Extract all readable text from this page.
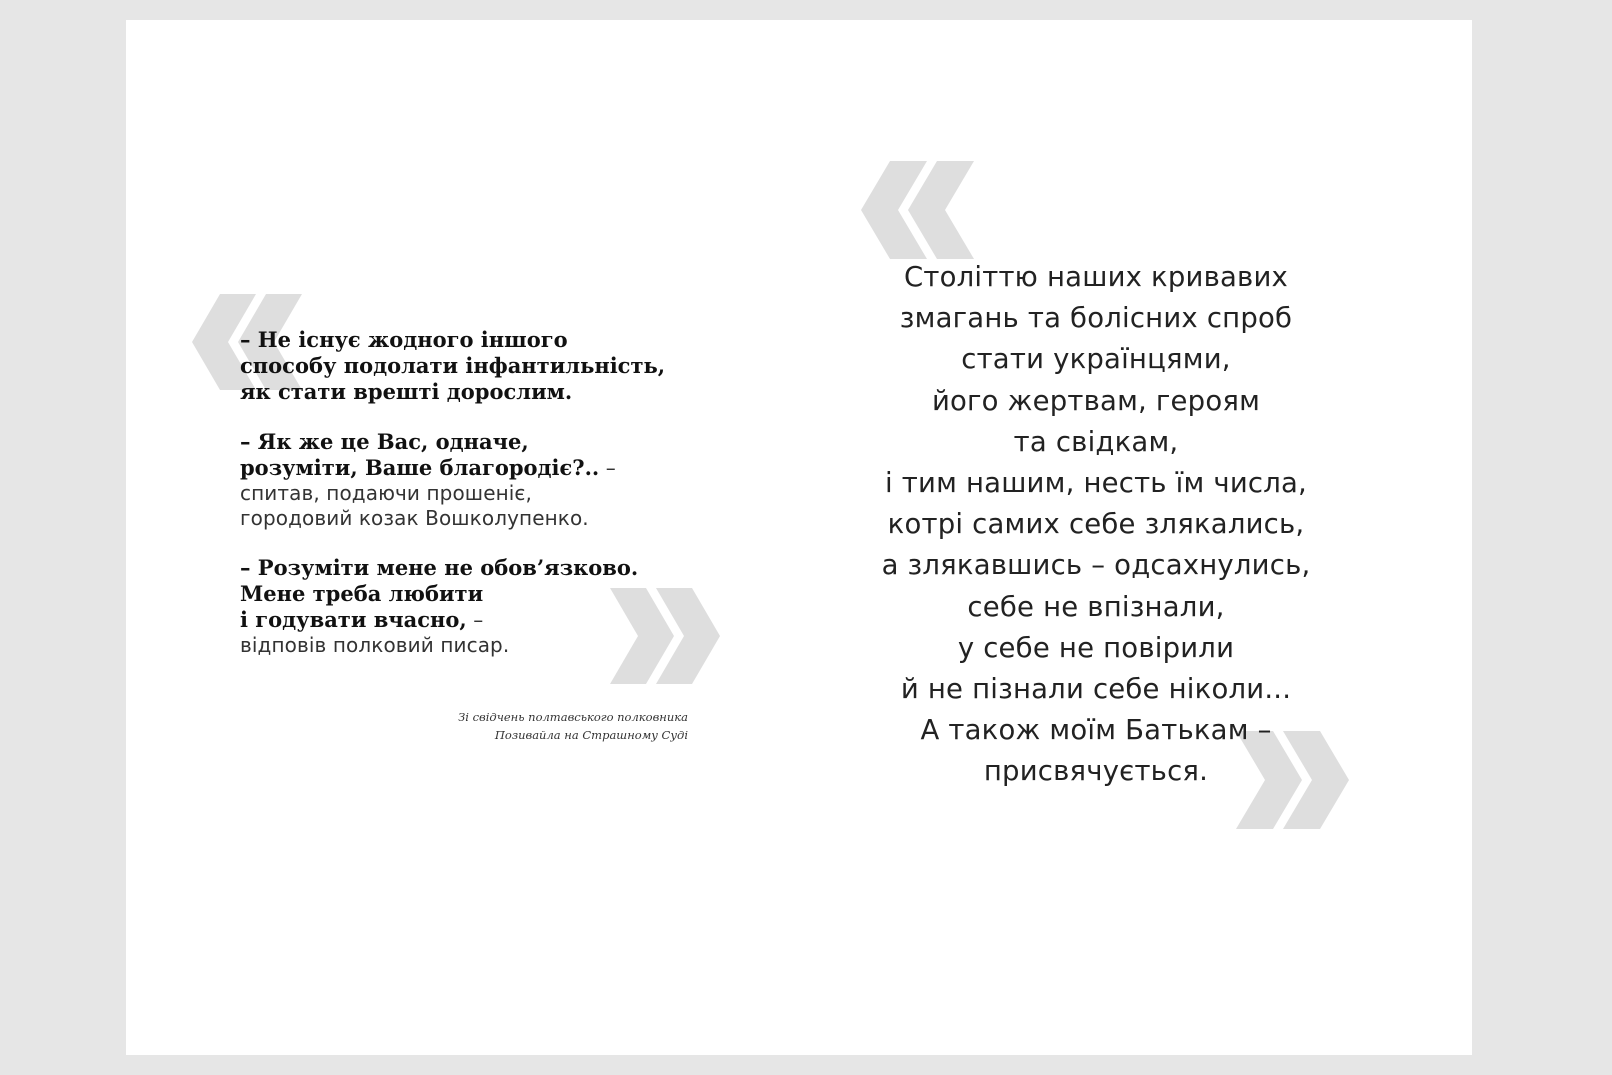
– Не існує жодного іншого
способу подолати інфантильність,
як стати врешті дорослим.

– Як же це Вас, одначе,
розуміти, Ваше благородіє?.. –
спитав, подаючи прошеніє,
городовий козак Вошколупенко.

– Розуміти мене не обов’язково.
Мене треба любити
і годувати вчасно, –
відповів полковий писар.

Зі свідчень полтавського полковника
Позивайла на Страшному Суді
Століттю наших кривавих
змагань та болісних спроб
стати українцями,
його жертвам, героям
та свідкам,
і тим нашим, несть їм числа,
котрі самих себе злякались,
а злякавшись – одсахнулись,
себе не впізнали,
у себе не повірили
й не пізнали себе ніколи...
А також моїм Батькам –
присвячується.
